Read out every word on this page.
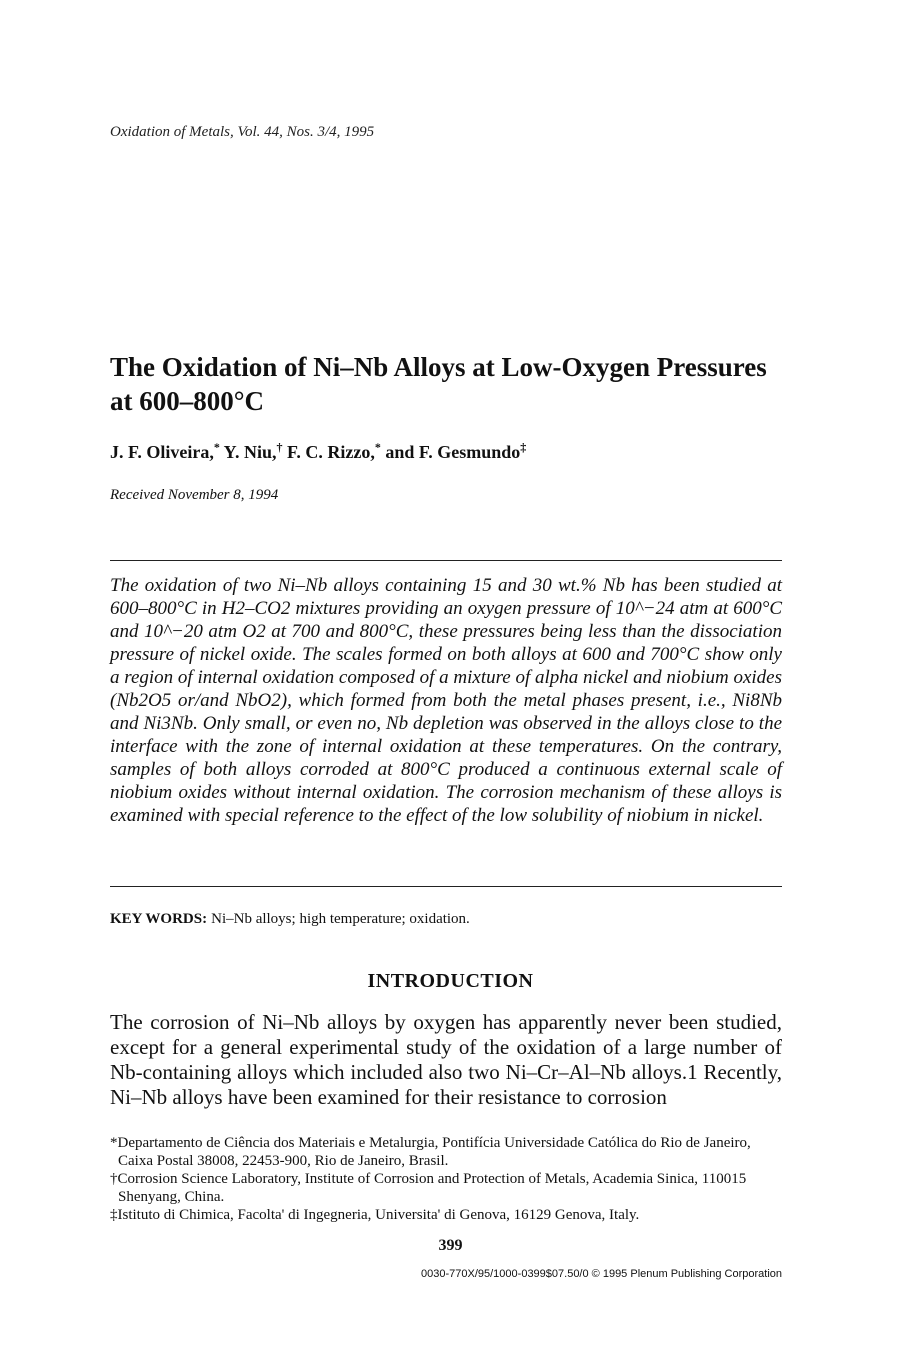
Oxidation of Metals, Vol. 44, Nos. 3/4, 1995
The Oxidation of Ni–Nb Alloys at Low-Oxygen Pressures at 600–800°C
J. F. Oliveira,* Y. Niu,† F. C. Rizzo,* and F. Gesmundo‡
Received November 8, 1994

The oxidation of two Ni–Nb alloys containing 15 and 30 wt.% Nb has been studied at 600–800°C in H2–CO2 mixtures providing an oxygen pressure of 10^−24 atm at 600°C and 10^−20 atm O2 at 700 and 800°C, these pressures being less than the dissociation pressure of nickel oxide. The scales formed on both alloys at 600 and 700°C show only a region of internal oxidation composed of a mixture of alpha nickel and niobium oxides (Nb2O5 or/and NbO2), which formed from both the metal phases present, i.e., Ni8Nb and Ni3Nb. Only small, or even no, Nb depletion was observed in the alloys close to the interface with the zone of internal oxidation at these temperatures. On the contrary, samples of both alloys corroded at 800°C produced a continuous external scale of niobium oxides without internal oxidation. The corrosion mechanism of these alloys is examined with special reference to the effect of the low solubility of niobium in nickel.

KEY WORDS: Ni–Nb alloys; high temperature; oxidation.
INTRODUCTION

The corrosion of Ni–Nb alloys by oxygen has apparently never been studied, except for a general experimental study of the oxidation of a large number of Nb-containing alloys which included also two Ni–Cr–Al–Nb alloys.1 Recently, Ni–Nb alloys have been examined for their resistance to corrosion

*Departamento de Ciência dos Materiais e Metalurgia, Pontifícia Universidade Católica do Rio de Janeiro, Caixa Postal 38008, 22453-900, Rio de Janeiro, Brasil.
†Corrosion Science Laboratory, Institute of Corrosion and Protection of Metals, Academia Sinica, 110015 Shenyang, China.
‡Istituto di Chimica, Facolta' di Ingegneria, Universita' di Genova, 16129 Genova, Italy.
399
0030-770X/95/1000-0399$07.50/0 © 1995 Plenum Publishing Corporation
